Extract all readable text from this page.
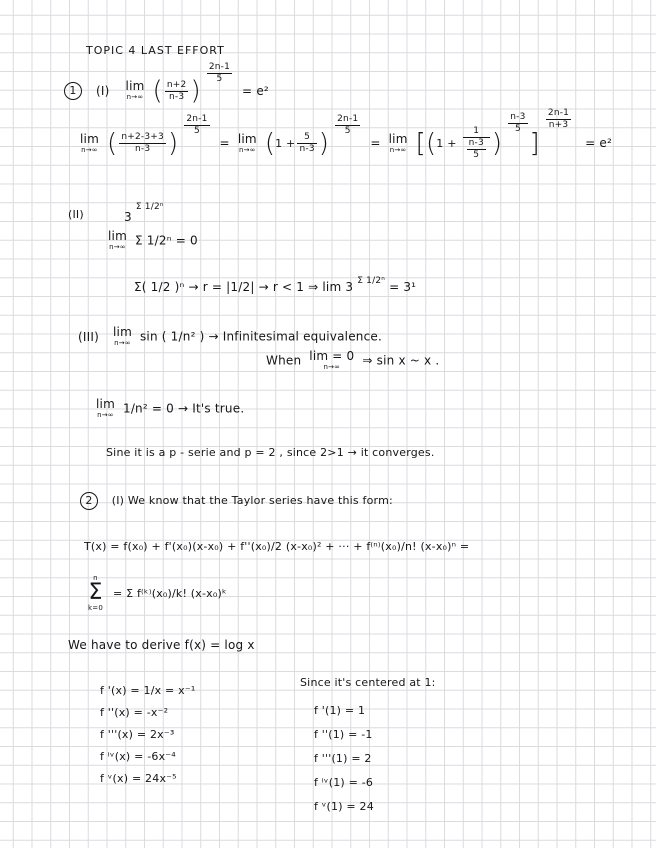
TOPIC 4 LAST EFFORT
1 (I) lim
n→∞ ( $\frac{n+2}{n-3}$ )
$\frac{2n-1}{5}$
= e²
lim
n→∞ ( $\frac{n+2-3+3}{n-3}$ )
$\frac{2n-1}{5}$
= lim
n→∞ ($1 + \frac{5}{n-3}$ )
$\frac{2n-1}{5}$
= lim
n→∞ [($1 + \frac{1}{\frac{n-3}{5}}$ )
$\frac{n-3}{5}$
]
$\frac{2n-1}{n+3}$
= e²
(II)	3 Σ 1/2ⁿ
lim
n→∞ Σ 1/2ⁿ = 0
Σ( 1/2 )ⁿ → r = |1/2| → r < 1 ⇒ lim 3 $^{\Sigma 1/2^n}$ = 3¹
(III) lim
n→∞ sin ( 1/n² ) → Infinitesimal equivalence.
When lim = 0
n→∞	⇒ sin x ~ x .
lim
n→∞ 1/n² = 0 → It's true.
Sine it is a p - serie and p = 2 , since 2>1 → it converges.
2 (I) We know that the Taylor series have this form:
T(x) = f(x₀) + f'(x₀)(x-x₀) + f''(x₀)/2 (x-x₀)² + ··· + f⁽ⁿ⁾(x₀)/n! (x-x₀)ⁿ =
n
Σ
k=0
= Σ f⁽ᵏ⁾(x₀)/k! (x-x₀)ᵏ
We have to derive f(x) = log x
f '(x) = 1/x = x⁻¹
f ''(x) = -x⁻²
f '''(x) = 2x⁻³
f ⁱᵛ(x) = -6x⁻⁴
f ᵛ(x) = 24x⁻⁵
Since it's centered at 1:
f '(1) = 1
f ''(1) = -1
f '''(1) = 2
f ⁱᵛ(1) = -6
f ᵛ(1) = 24
